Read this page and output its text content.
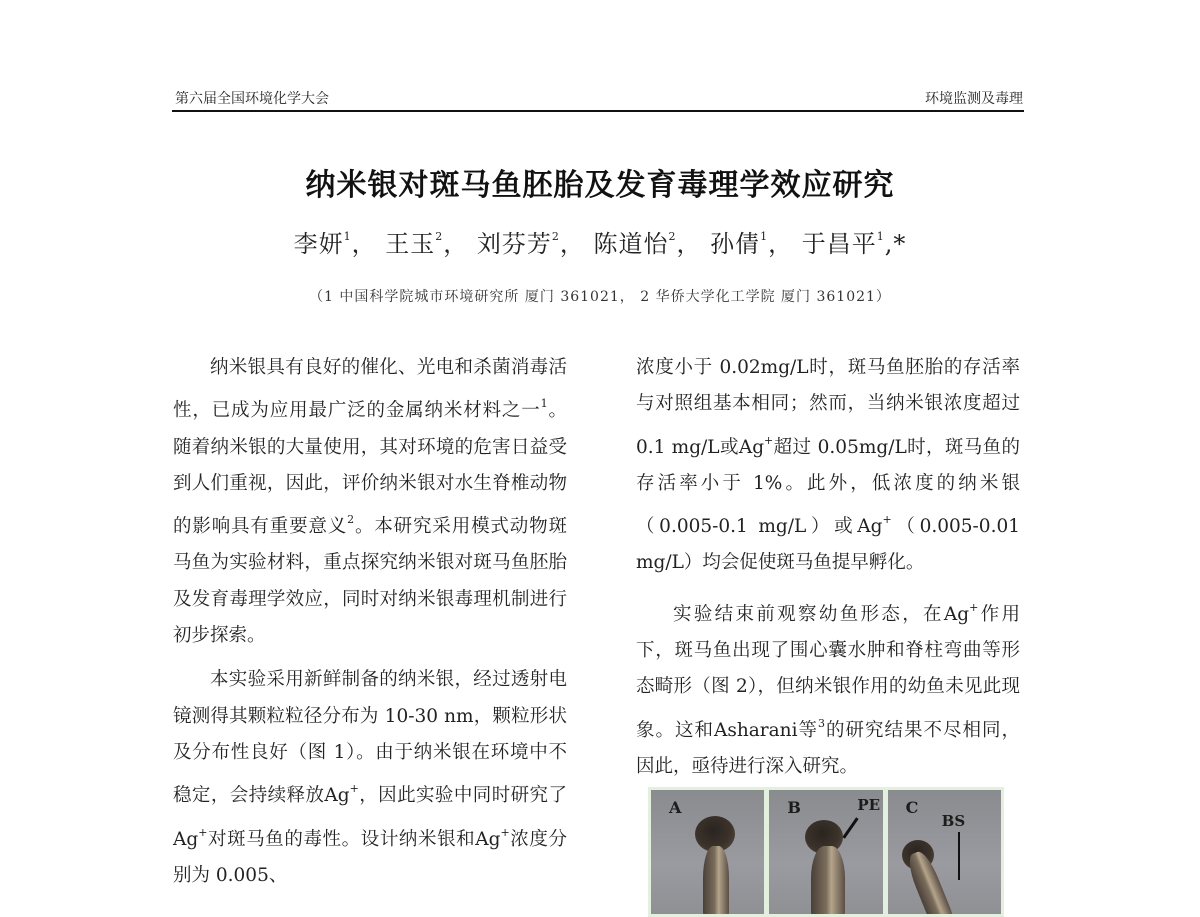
第六届全国环境化学大会	环境监测及毒理
纳米银对斑马鱼胚胎及发育毒理学效应研究
李妍$^1$， 王玉$^2$， 刘芬芳$^2$， 陈道怡$^2$， 孙倩$^1$， 于昌平$^1$,*
（1 中国科学院城市环境研究所 厦门 361021， 2 华侨大学化工学院 厦门 361021）

纳米银具有良好的催化、光电和杀菌消毒活性，已成为应用最广泛的金属纳米材料之一$^1$。随着纳米银的大量使用，其对环境的危害日益受到人们重视，因此，评价纳米银对水生脊椎动物的影响具有重要意义$^2$。本研究采用模式动物斑马鱼为实验材料，重点探究纳米银对斑马鱼胚胎及发育毒理学效应，同时对纳米银毒理机制进行初步探索。

本实验采用新鲜制备的纳米银，经过透射电镜测得其颗粒粒径分布为 10-30 nm，颗粒形状及分布性良好（图 1）。由于纳米银在环境中不稳定，会持续释放Ag+，因此实验中同时研究了Ag+对斑马鱼的毒性。设计纳米银和Ag+浓度分别为 0.005、

浓度小于 0.02mg/L时，斑马鱼胚胎的存活率与对照组基本相同；然而，当纳米银浓度超过 0.1 mg/L或Ag+超过 0.05mg/L时，斑马鱼的存活率小于 1%。此外，低浓度的纳米银（0.005-0.1 mg/L）或Ag+（0.005-0.01 mg/L）均会促使斑马鱼提早孵化。

实验结束前观察幼鱼形态，在Ag+作用下，斑马鱼出现了围心囊水肿和脊柱弯曲等形态畸形（图 2），但纳米银作用的幼鱼未见此现象。这和Asharani等$^3$的研究结果不尽相同，因此，亟待进行深入研究。

A	B	PE C
BS
